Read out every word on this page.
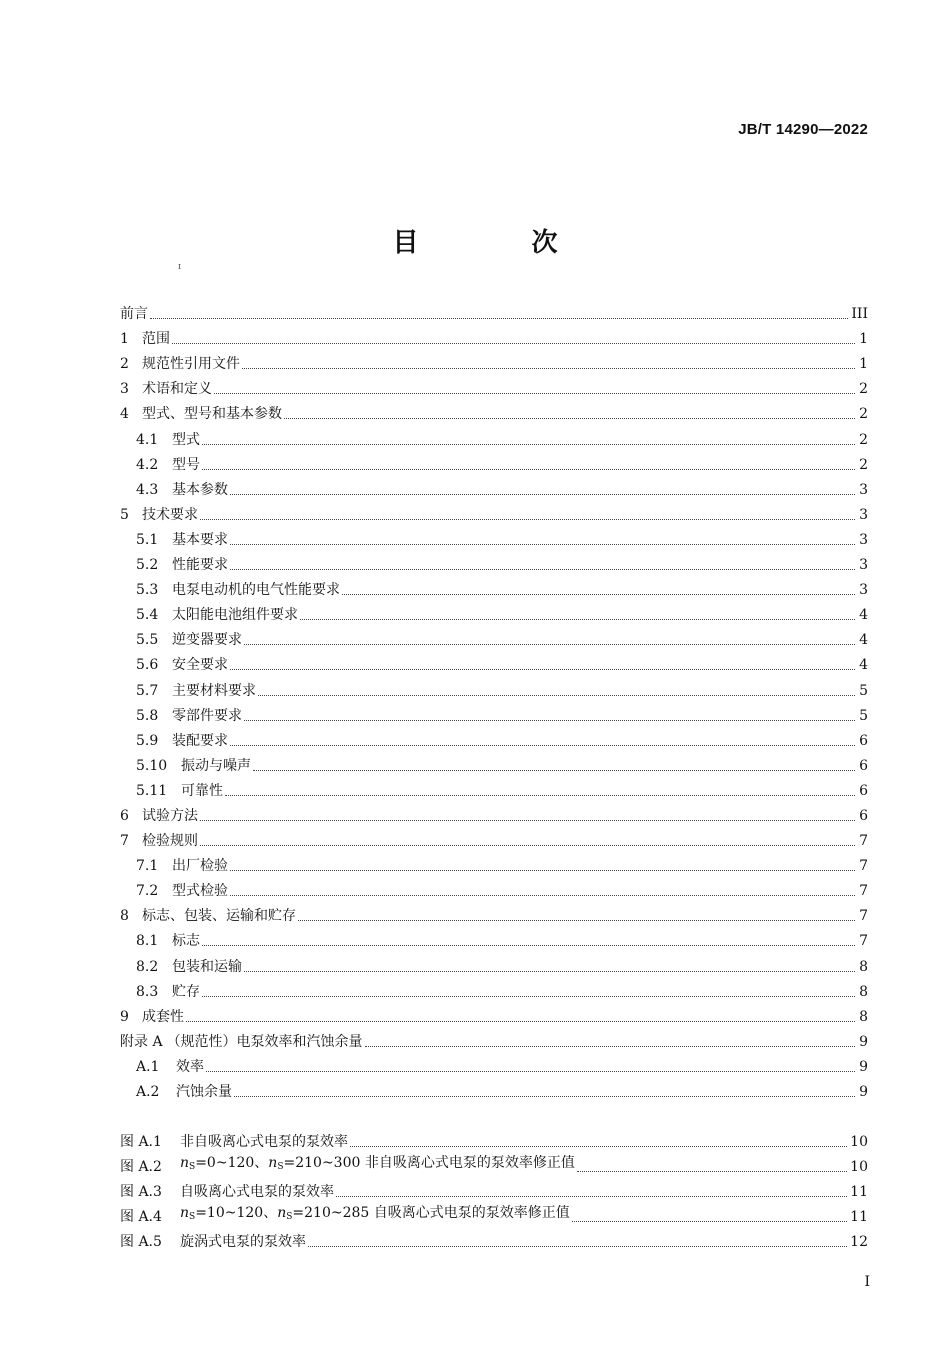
JB/T 14290—2022
目 次
ɪ
前言	III
1 范围	1
2 规范性引用文件	1
3 术语和定义	2
4 型式、型号和基本参数	2
4.1 型式	2
4.2 型号	2
4.3 基本参数	3
5 技术要求	3
5.1 基本要求	3
5.2 性能要求	3
5.3 电泵电动机的电气性能要求	3
5.4 太阳能电池组件要求	4
5.5 逆变器要求	4
5.6 安全要求	4
5.7 主要材料要求	5
5.8 零部件要求	5
5.9 装配要求	6
5.10 振动与噪声	6
5.11 可靠性	6
6 试验方法	6
7 检验规则	7
7.1 出厂检验	7
7.2 型式检验	7
8 标志、包装、运输和贮存	7
8.1 标志	7
8.2 包装和运输	8
8.3 贮存	8
9 成套性	8
附录 A （规范性）电泵效率和汽蚀余量	9
A.1	效率	9
A.2	汽蚀余量	9
图 A.1	非自吸离心式电泵的泵效率	10
图 A.2	$n_S=0\sim 120$、$n_S=210\sim 300$ 非自吸离心式电泵的泵效率修正值	10
图 A.3	自吸离心式电泵的泵效率	11
图 A.4	$n_S=10\sim 120$、$n_S=210\sim 285$ 自吸离心式电泵的泵效率修正值	11
图 A.5	旋涡式电泵的泵效率	12
I
